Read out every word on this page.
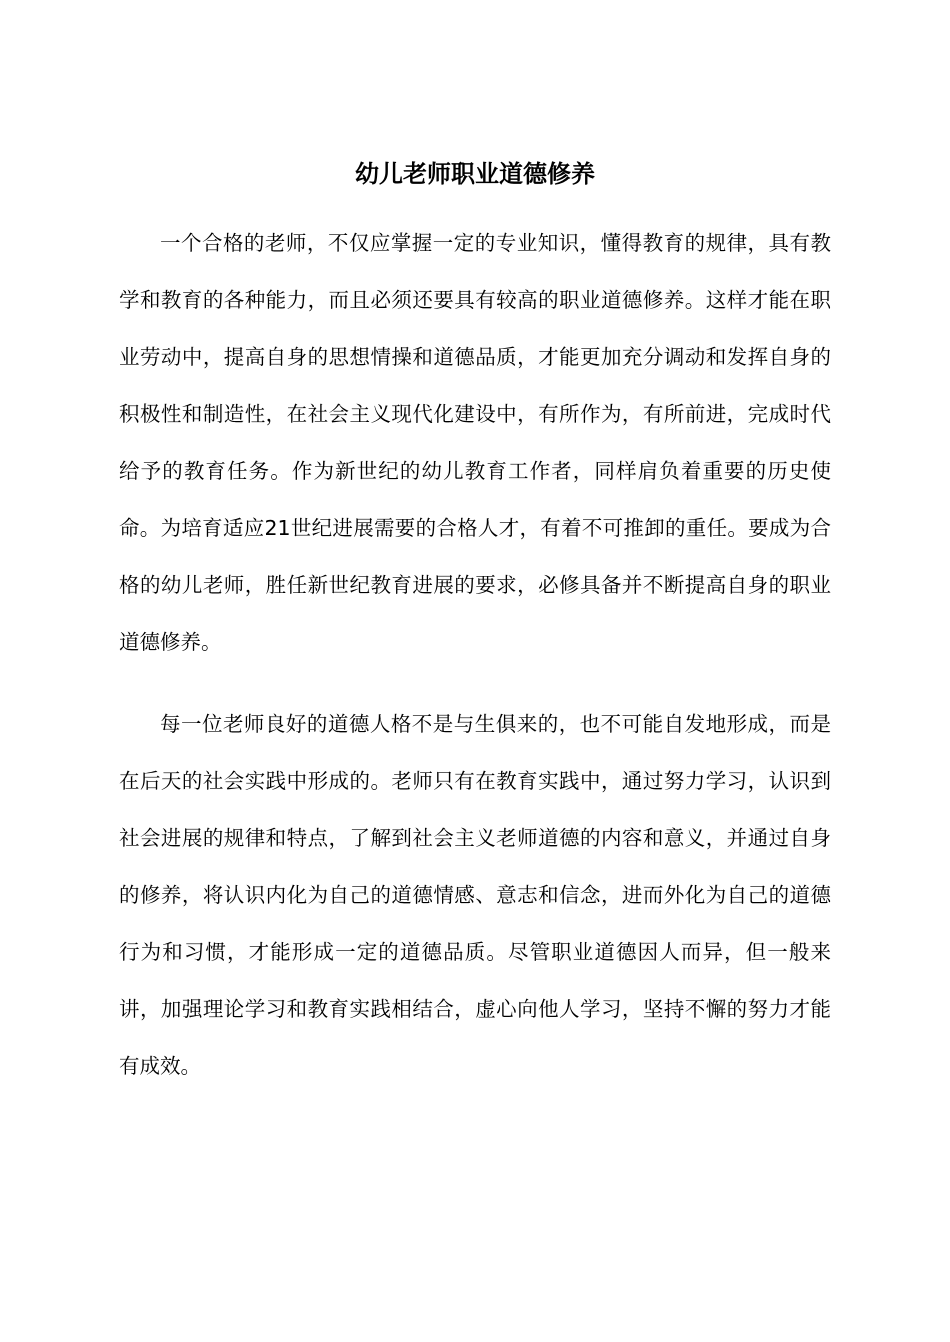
幼儿老师职业道德修养

一个合格的老师，不仅应掌握一定的专业知识，懂得教育的规律，具有教学和教育的各种能力，而且必须还要具有较高的职业道德修养。这样才能在职业劳动中，提高自身的思想情操和道德品质，才能更加充分调动和发挥自身的积极性和制造性，在社会主义现代化建设中，有所作为，有所前进，完成时代给予的教育任务。作为新世纪的幼儿教育工作者，同样肩负着重要的历史使命。为培育适应21世纪进展需要的合格人才，有着不可推卸的重任。要成为合格的幼儿老师，胜任新世纪教育进展的要求，必修具备并不断提高自身的职业道德修养。

每一位老师良好的道德人格不是与生俱来的，也不可能自发地形成，而是在后天的社会实践中形成的。老师只有在教育实践中，通过努力学习，认识到社会进展的规律和特点，了解到社会主义老师道德的内容和意义，并通过自身的修养，将认识内化为自己的道德情感、意志和信念，进而外化为自己的道德行为和习惯，才能形成一定的道德品质。尽管职业道德因人而异，但一般来讲，加强理论学习和教育实践相结合，虚心向他人学习，坚持不懈的努力才能有成效。
